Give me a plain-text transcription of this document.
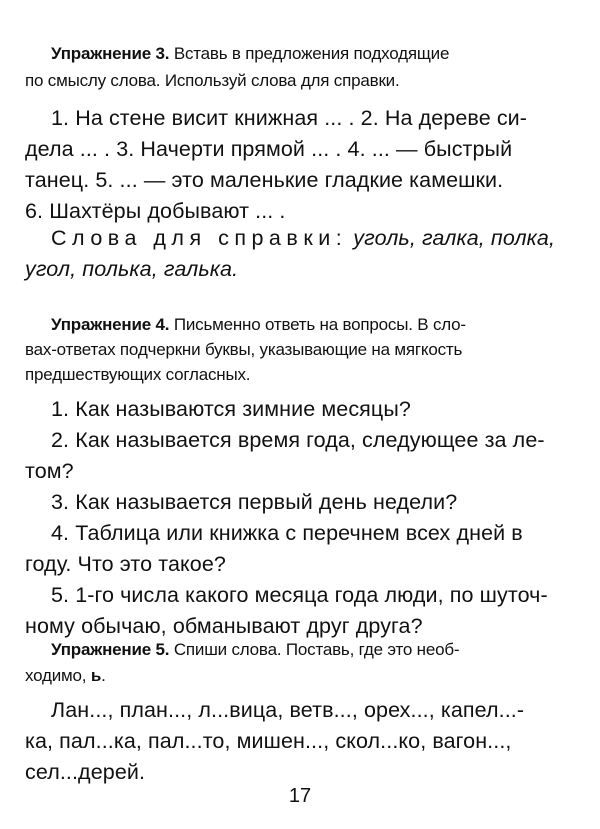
Упражнение 3. Вставь в предложения подходящие
по смыслу слова. Используй слова для справки.
1. На стене висит книжная ... . 2. На дереве си-
дела ... . 3. Начерти прямой ... . 4. ... — быстрый
танец. 5. ... — это маленькие гладкие камешки.
6. Шахтёры добывают ... .
Слова для справки: уголь, галка, полка,
угол, полька, галька.
Упражнение 4. Письменно ответь на вопросы. В сло-
вах-ответах подчеркни буквы, указывающие на мягкость
предшествующих согласных.
1. Как называются зимние месяцы?
2. Как называется время года, следующее за ле-
том?
3. Как называется первый день недели?
4. Таблица или книжка с перечнем всех дней в
году. Что это такое?
5. 1-го числа какого месяца года люди, по шуточ-
ному обычаю, обманывают друг друга?
Упражнение 5. Спиши слова. Поставь, где это необ-
ходимо, ь.
Лан..., план..., л...вица, ветв..., орех..., капел...-
ка, пал...ка, пал...то, мишен..., скол...ко, вагон...,
сел...дерей.
17
